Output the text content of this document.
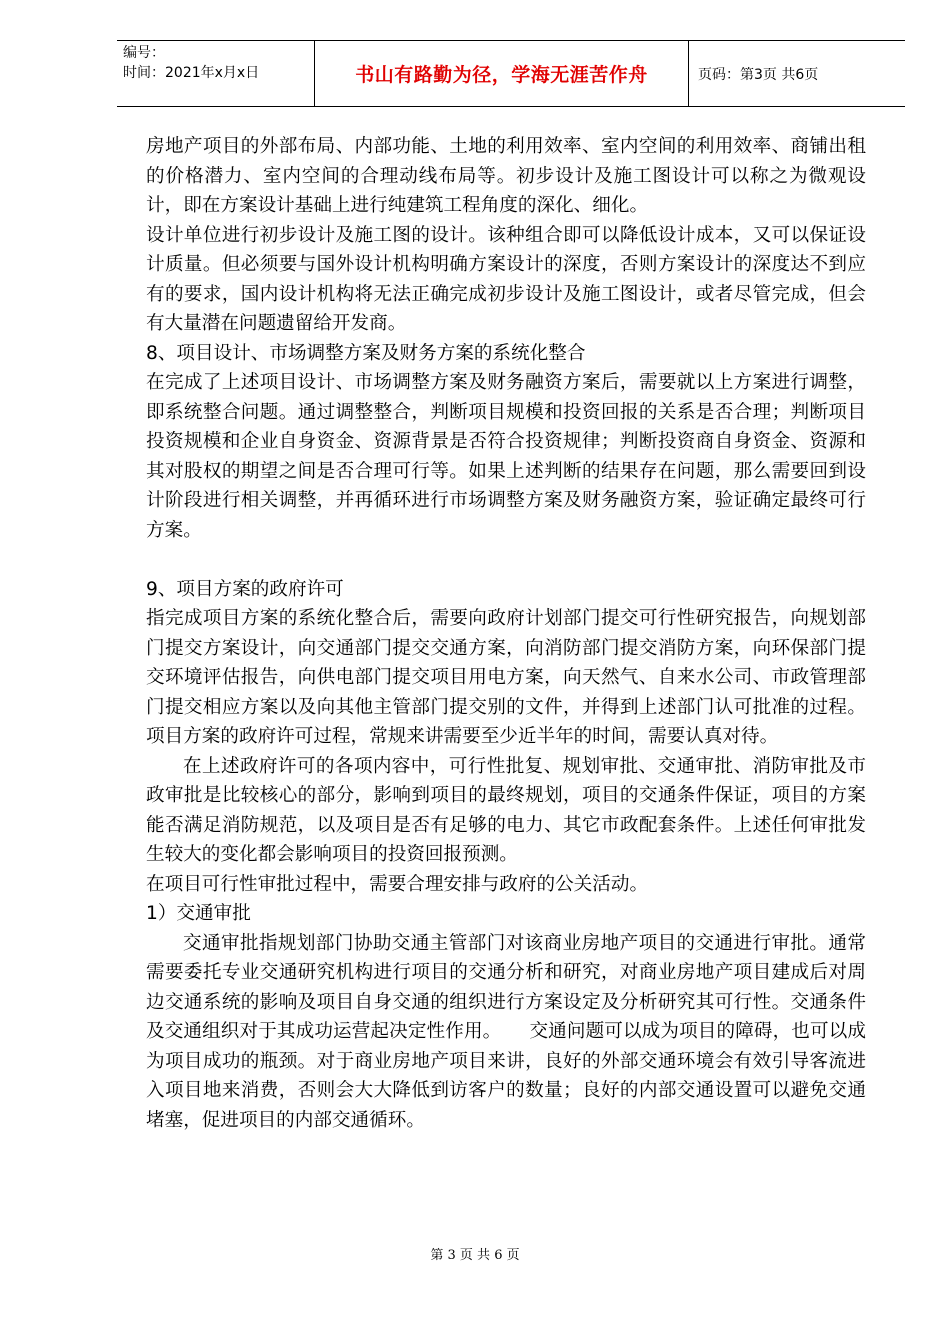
编号：
时间：2021年x月x日	书山有路勤为径，学海无涯苦作舟	页码：第3页 共6页

房地产项目的外部布局、内部功能、土地的利用效率、室内空间的利用效率、商铺出租的价格潜力、室内空间的合理动线布局等。初步设计及施工图设计可以称之为微观设计，即在方案设计基础上进行纯建筑工程角度的深化、细化。

设计单位进行初步设计及施工图的设计。该种组合即可以降低设计成本，又可以保证设计质量。但必须要与国外设计机构明确方案设计的深度，否则方案设计的深度达不到应有的要求，国内设计机构将无法正确完成初步设计及施工图设计，或者尽管完成，但会有大量潜在问题遗留给开发商。

8、项目设计、市场调整方案及财务方案的系统化整合

在完成了上述项目设计、市场调整方案及财务融资方案后，需要就以上方案进行调整，即系统整合问题。通过调整整合，判断项目规模和投资回报的关系是否合理；判断项目投资规模和企业自身资金、资源背景是否符合投资规律；判断投资商自身资金、资源和其对股权的期望之间是否合理可行等。如果上述判断的结果存在问题，那么需要回到设计阶段进行相关调整，并再循环进行市场调整方案及财务融资方案，验证确定最终可行方案。

9、项目方案的政府许可

指完成项目方案的系统化整合后，需要向政府计划部门提交可行性研究报告，向规划部门提交方案设计，向交通部门提交交通方案，向消防部门提交消防方案，向环保部门提交环境评估报告，向供电部门提交项目用电方案，向天然气、自来水公司、市政管理部门提交相应方案以及向其他主管部门提交别的文件，并得到上述部门认可批准的过程。项目方案的政府许可过程，常规来讲需要至少近半年的时间，需要认真对待。

在上述政府许可的各项内容中，可行性批复、规划审批、交通审批、消防审批及市政审批是比较核心的部分，影响到项目的最终规划，项目的交通条件保证，项目的方案能否满足消防规范，以及项目是否有足够的电力、其它市政配套条件。上述任何审批发生较大的变化都会影响项目的投资回报预测。

在项目可行性审批过程中，需要合理安排与政府的公关活动。

1）交通审批

交通审批指规划部门协助交通主管部门对该商业房地产项目的交通进行审批。通常需要委托专业交通研究机构进行项目的交通分析和研究，对商业房地产项目建成后对周边交通系统的影响及项目自身交通的组织进行方案设定及分析研究其可行性。交通条件及交通组织对于其成功运营起决定性作用。　　交通问题可以成为项目的障碍，也可以成为项目成功的瓶颈。对于商业房地产项目来讲，良好的外部交通环境会有效引导客流进入项目地来消费，否则会大大降低到访客户的数量；良好的内部交通设置可以避免交通堵塞，促进项目的内部交通循环。

第 3 页 共 6 页
